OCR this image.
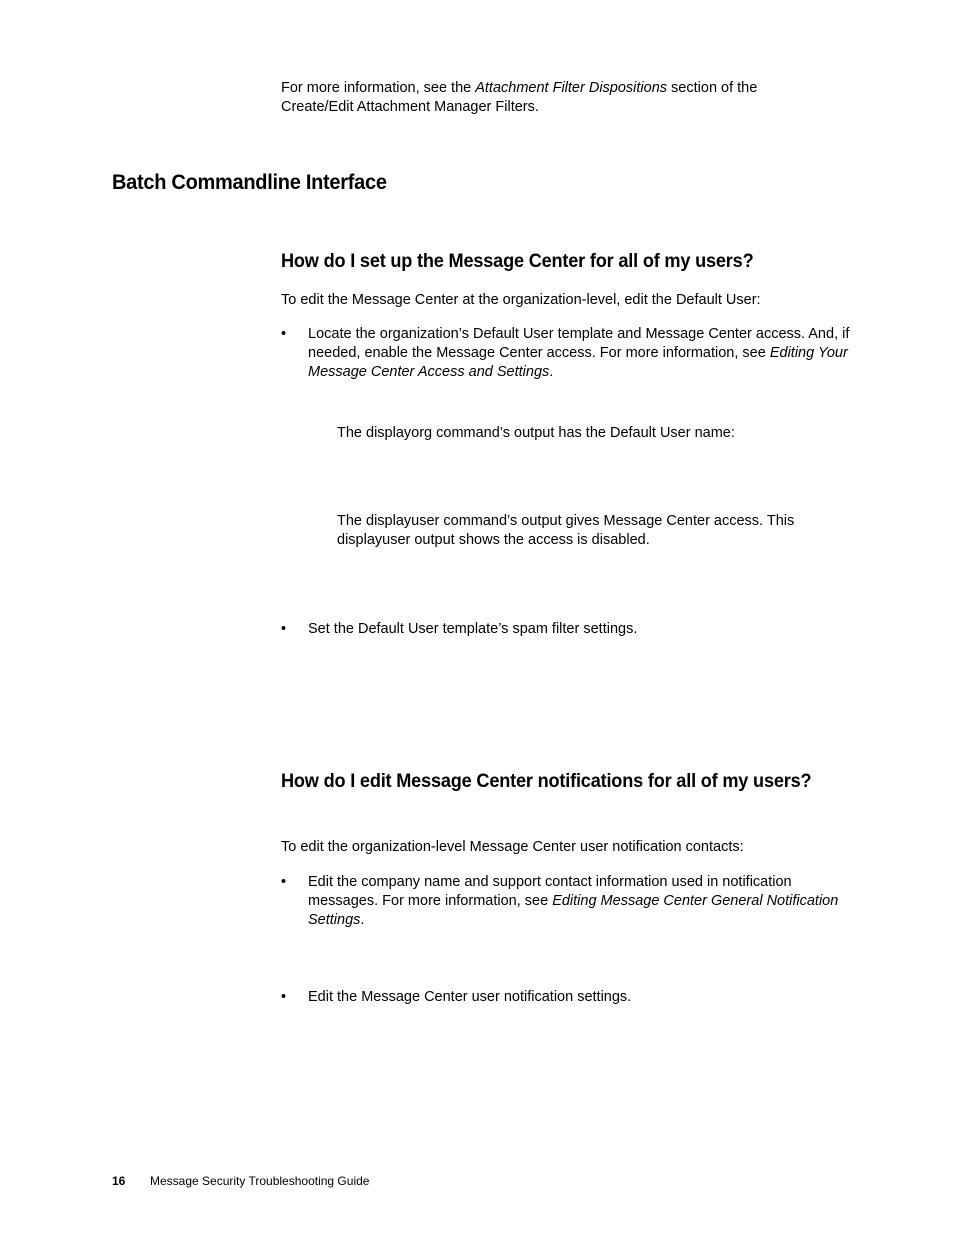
For more information, see the Attachment Filter Dispositions section of the
Create/Edit Attachment Manager Filters.
Batch Commandline Interface
How do I set up the Message Center for all of my users?
To edit the Message Center at the organization-level, edit the Default User:
•	Locate the organization’s Default User template and Message Center access. And, if needed, enable the Message Center access. For more information, see Editing Your Message Center Access and Settings.
The displayorg command’s output has the Default User name:
The displayuser command’s output gives Message Center access. This displayuser output shows the access is disabled.
•	Set the Default User template’s spam filter settings.
How do I edit Message Center notifications for all of my users?
To edit the organization-level Message Center user notification contacts:
•	Edit the company name and support contact information used in notification messages. For more information, see Editing Message Center General Notification Settings.
•	Edit the Message Center user notification settings.
16	Message Security Troubleshooting Guide
